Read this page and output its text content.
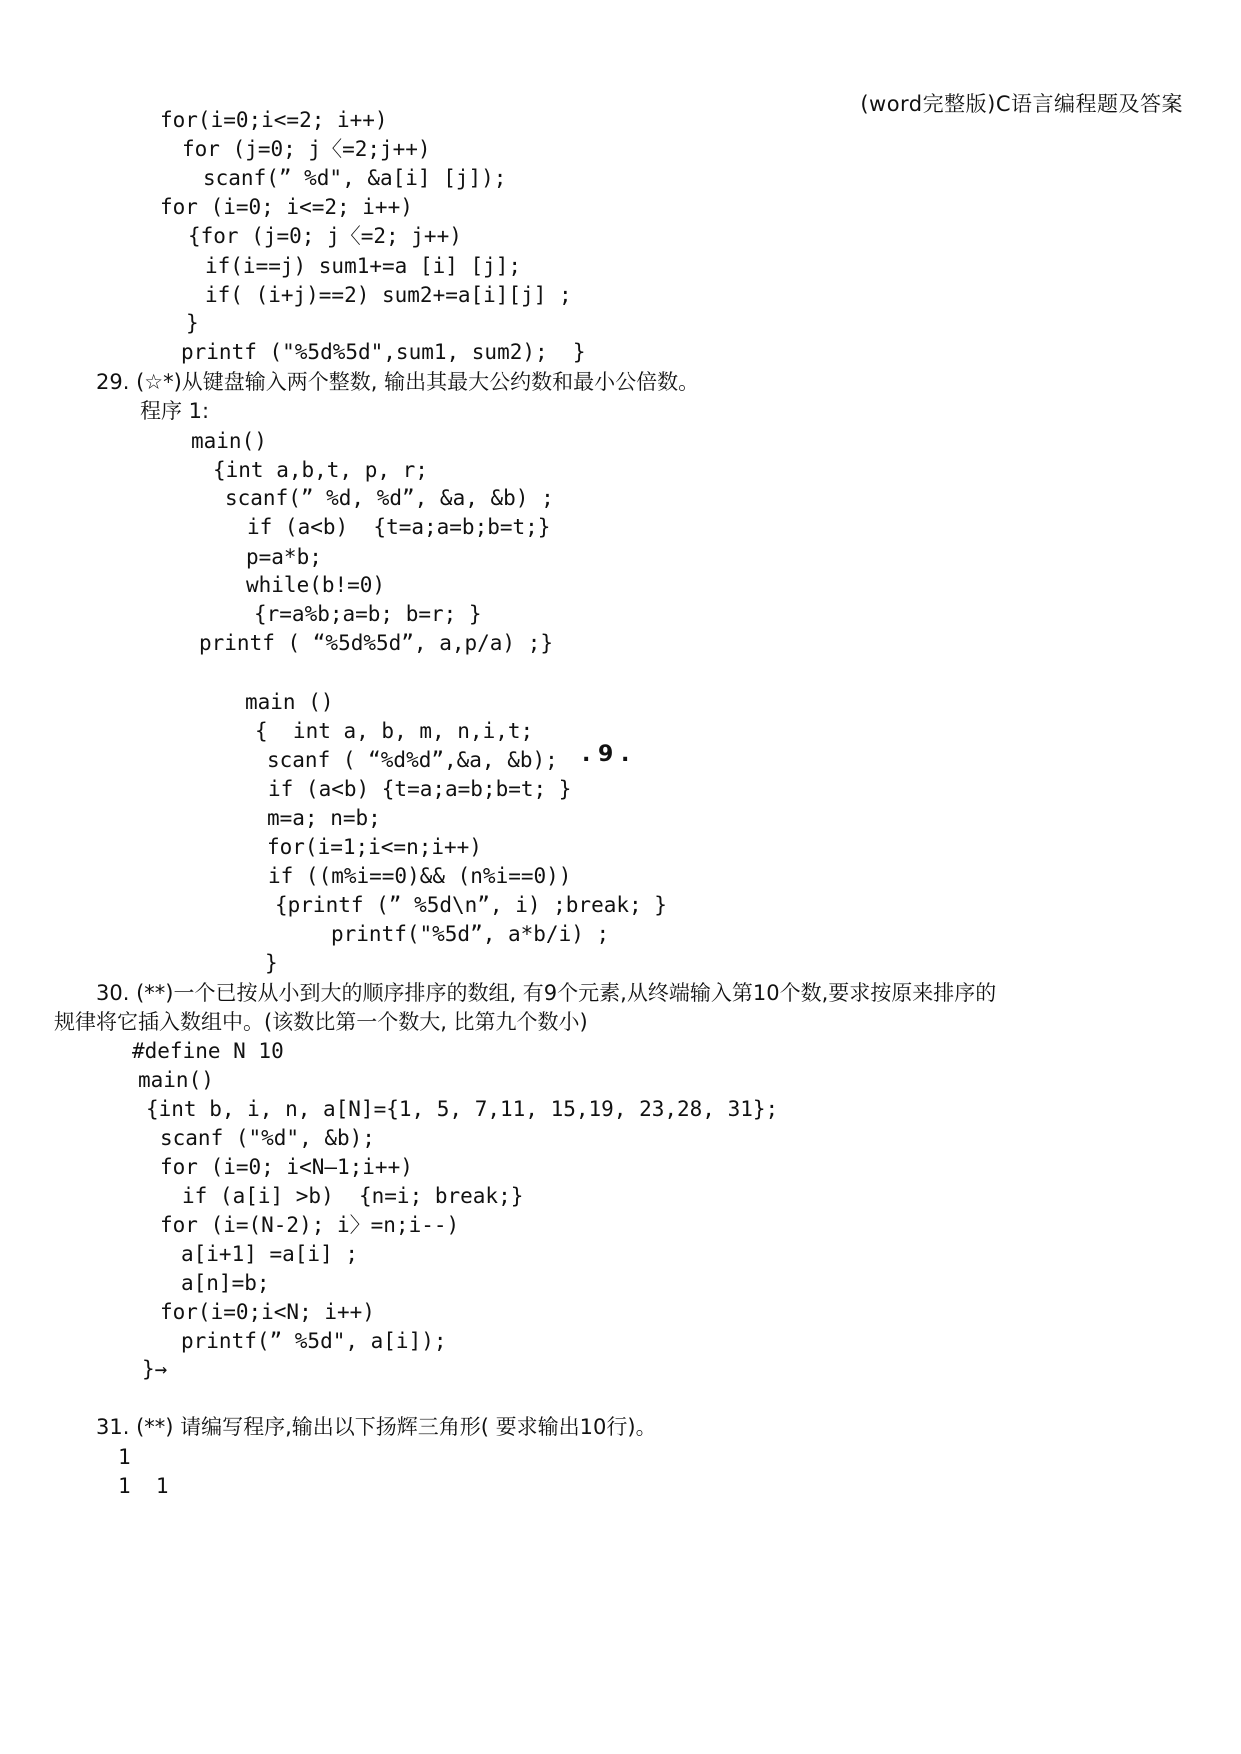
(word完整版)C语言编程题及答案
for(i=0;i<=2; i++)
for (j=0; j〈=2;j++)
scanf(” %d", &a[i] [j]);
for (i=0; i<=2; i++)
{for (j=0; j〈=2; j++)
if(i==j) sum1+=a [i] [j];
if( (i+j)==2) sum2+=a[i][j] ;
}
printf ("%5d%5d",sum1, sum2);  }
29. (☆*)从键盘输入两个整数, 输出其最大公约数和最小公倍数。
程序 1:
main()
{int a,b,t, p, r;
scanf(” %d, %d”, &a, &b) ;
if (a<b)  {t=a;a=b;b=t;}
p=a*b;
while(b!=0)
{r=a%b;a=b; b=r; }
printf ( “%5d%5d”, a,p/a) ;}
. 9 .
main ()
{  int a, b, m, n,i,t;
scanf ( “%d%d”,&a, &b);
if (a<b) {t=a;a=b;b=t; }
m=a; n=b;
for(i=1;i<=n;i++)
if ((m%i==0)&& (n%i==0))
{printf (” %5d\n”, i) ;break; }
printf("%5d”, a*b/i) ;
}
30. (**)一个已按从小到大的顺序排序的数组, 有9个元素,从终端输入第10个数,要求按原来排序的
规律将它插入数组中。(该数比第一个数大, 比第九个数小)
#define N 10
main()
{int b, i, n, a[N]={1, 5, 7,11, 15,19, 23,28, 31};
scanf ("%d", &b);
for (i=0; i<N—1;i++)
if (a[i] >b)  {n=i; break;}
for (i=(N-2); i〉=n;i--)
a[i+1] =a[i] ;
a[n]=b;
for(i=0;i<N; i++)
printf(” %5d", a[i]);
}→
31. (**) 请编写程序,输出以下扬辉三角形( 要求输出10行)。
1
1  1
